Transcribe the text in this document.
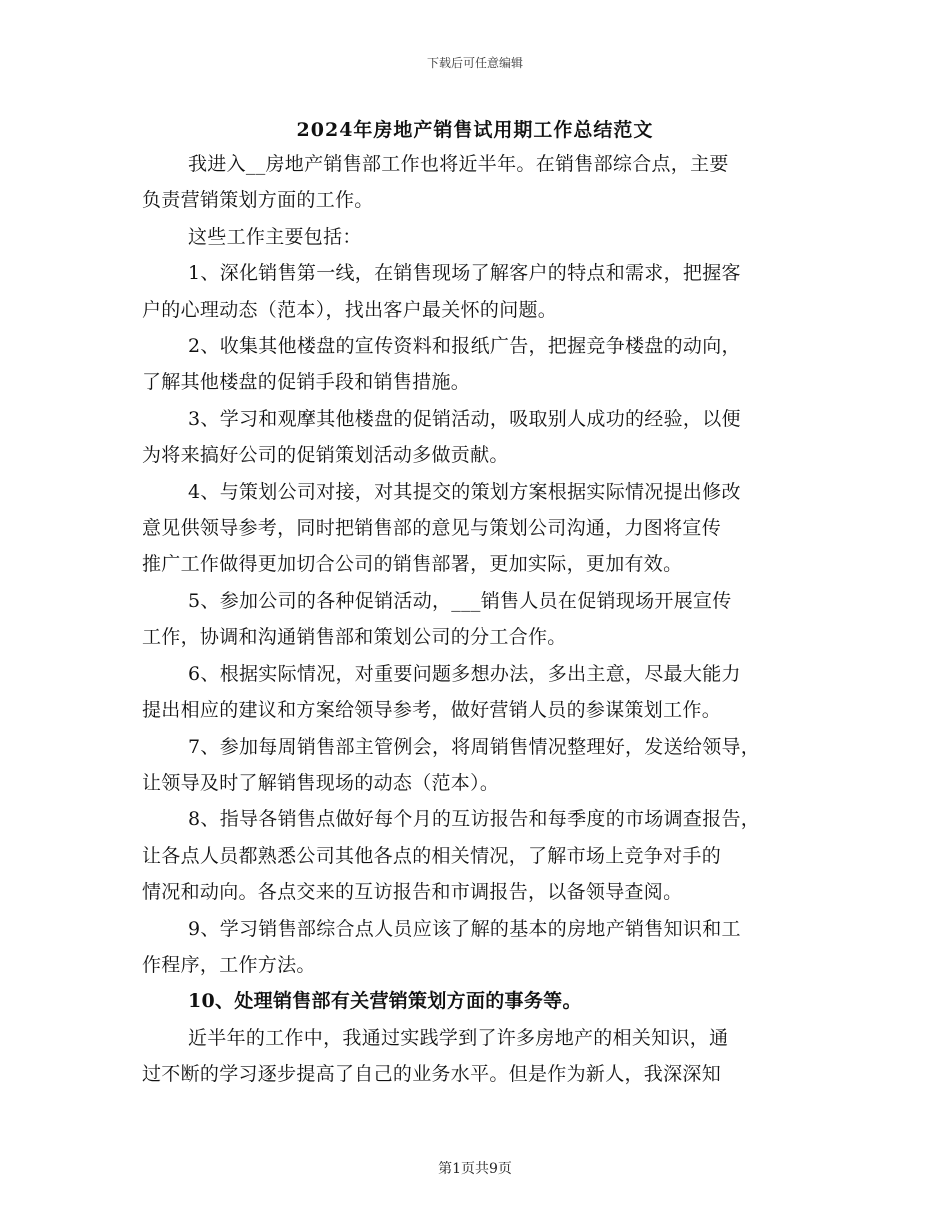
下载后可任意编辑
2024年房地产销售试用期工作总结范文

我进入__房地产销售部工作也将近半年。在销售部综合点，主要
负责营销策划方面的工作。

这些工作主要包括：

1、深化销售第一线，在销售现场了解客户的特点和需求，把握客
户的心理动态（范本），找出客户最关怀的问题。

2、收集其他楼盘的宣传资料和报纸广告，把握竞争楼盘的动向，
了解其他楼盘的促销手段和销售措施。

3、学习和观摩其他楼盘的促销活动，吸取别人成功的经验，以便
为将来搞好公司的促销策划活动多做贡献。

4、与策划公司对接，对其提交的策划方案根据实际情况提出修改
意见供领导参考，同时把销售部的意见与策划公司沟通，力图将宣传
推广工作做得更加切合公司的销售部署，更加实际，更加有效。

5、参加公司的各种促销活动，___销售人员在促销现场开展宣传
工作，协调和沟通销售部和策划公司的分工合作。

6、根据实际情况，对重要问题多想办法，多出主意，尽最大能力
提出相应的建议和方案给领导参考，做好营销人员的参谋策划工作。

7、参加每周销售部主管例会，将周销售情况整理好，发送给领导，
让领导及时了解销售现场的动态（范本）。

8、指导各销售点做好每个月的互访报告和每季度的市场调查报告，
让各点人员都熟悉公司其他各点的相关情况，了解市场上竞争对手的
情况和动向。各点交来的互访报告和市调报告，以备领导查阅。

9、学习销售部综合点人员应该了解的基本的房地产销售知识和工
作程序，工作方法。

10、处理销售部有关营销策划方面的事务等。

近半年的工作中，我通过实践学到了许多房地产的相关知识，通
过不断的学习逐步提高了自己的业务水平。但是作为新人，我深深知

第1页共9页
